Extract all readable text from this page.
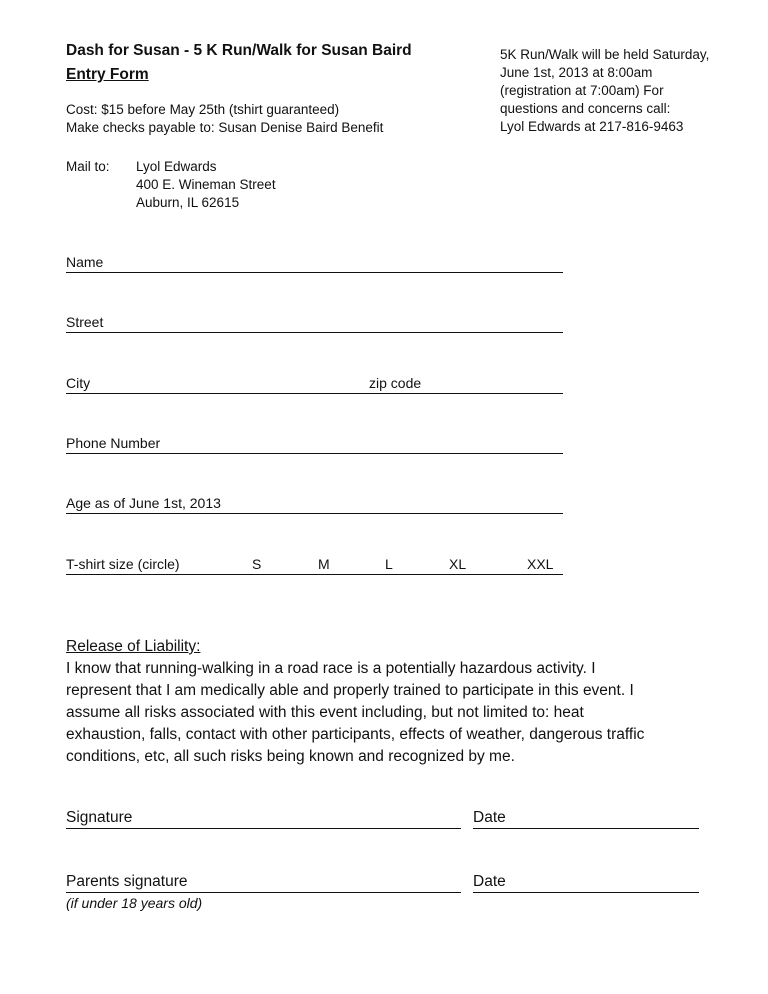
Dash for Susan - 5 K Run/Walk for Susan Baird
Entry Form
5K Run/Walk will be held Saturday,
June 1st, 2013 at 8:00am
(registration at 7:00am) For
questions and concerns call:
Lyol Edwards at 217-816-9463
Cost: $15 before May 25th (tshirt guaranteed)
Make checks payable to: Susan Denise Baird Benefit
Mail to: Lyol Edwards
400 E. Wineman Street
Auburn, IL 62615
Name
Street
City	zip code
Phone Number
Age as of June 1st, 2013
T-shirt size (circle)	S	M	L	XL	XXL
Release of Liability:
I know that running-walking in a road race is a potentially hazardous activity. I
represent that I am medically able and properly trained to participate in this event. I
assume all risks associated with this event including, but not limited to: heat
exhaustion, falls, contact with other participants, effects of weather, dangerous traffic
conditions, etc, all such risks being known and recognized by me.
Signature	Date
Parents signature	Date
(if under 18 years old)
